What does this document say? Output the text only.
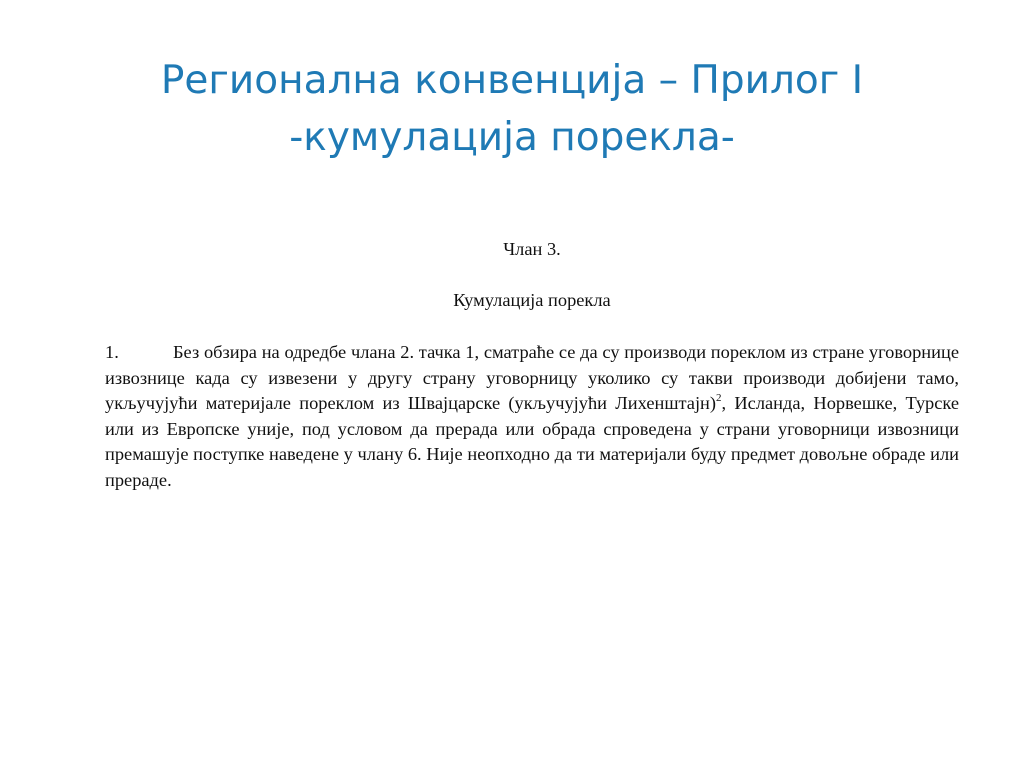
Регионална конвенција – Прилог I
-кумулација порекла-

Члан 3.

Кумулација порекла

1.	Без обзира на одредбе члана 2. тачка 1, сматраће се да су производи пореклом из стране уговорнице извознице када су извезени у другу страну уговорницу уколико су такви производи добијени тамо, укључујући материјале пореклом из Швајцарске (укључујући Лихенштајн)$^2$, Исланда, Норвешке, Турске или из Европске уније, под условом да прерада или обрада спроведена у страни уговорници извозници премашује поступке наведене у члану 6. Није неопходно да ти материјали буду предмет довољне обраде или прераде.
